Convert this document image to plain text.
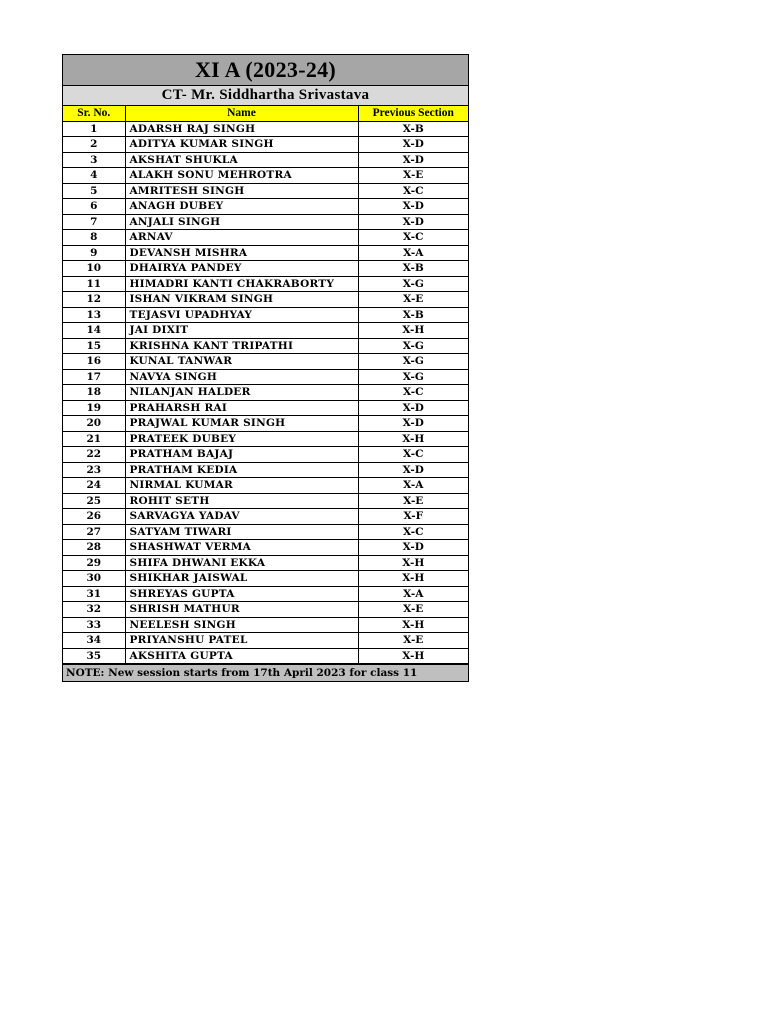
XI A (2023-24)
CT- Mr. Siddhartha Srivastava
Sr. No.	Name	Previous Section
1	ADARSH RAJ SINGH	X-B
2	ADITYA KUMAR SINGH	X-D
3	AKSHAT SHUKLA	X-D
4	ALAKH SONU MEHROTRA	X-E
5	AMRITESH SINGH	X-C
6	ANAGH DUBEY	X-D
7	ANJALI SINGH	X-D
8	ARNAV	X-C
9	DEVANSH MISHRA	X-A
10	DHAIRYA PANDEY	X-B
11	HIMADRI KANTI CHAKRABORTY	X-G
12	ISHAN VIKRAM SINGH	X-E
13	TEJASVI UPADHYAY	X-B
14	JAI DIXIT	X-H
15	KRISHNA KANT TRIPATHI	X-G
16	KUNAL TANWAR	X-G
17	NAVYA SINGH	X-G
18	NILANJAN HALDER	X-C
19	PRAHARSH RAI	X-D
20	PRAJWAL KUMAR SINGH	X-D
21	PRATEEK DUBEY	X-H
22	PRATHAM BAJAJ	X-C
23	PRATHAM KEDIA	X-D
24	NIRMAL KUMAR	X-A
25	ROHIT SETH	X-E
26	SARVAGYA YADAV	X-F
27	SATYAM TIWARI	X-C
28	SHASHWAT VERMA	X-D
29	SHIFA DHWANI EKKA	X-H
30	SHIKHAR JAISWAL	X-H
31	SHREYAS GUPTA	X-A
32	SHRISH MATHUR	X-E
33	NEELESH SINGH	X-H
34	PRIYANSHU PATEL	X-E
35	AKSHITA GUPTA	X-H
NOTE: New session starts from 17th April 2023 for class 11
